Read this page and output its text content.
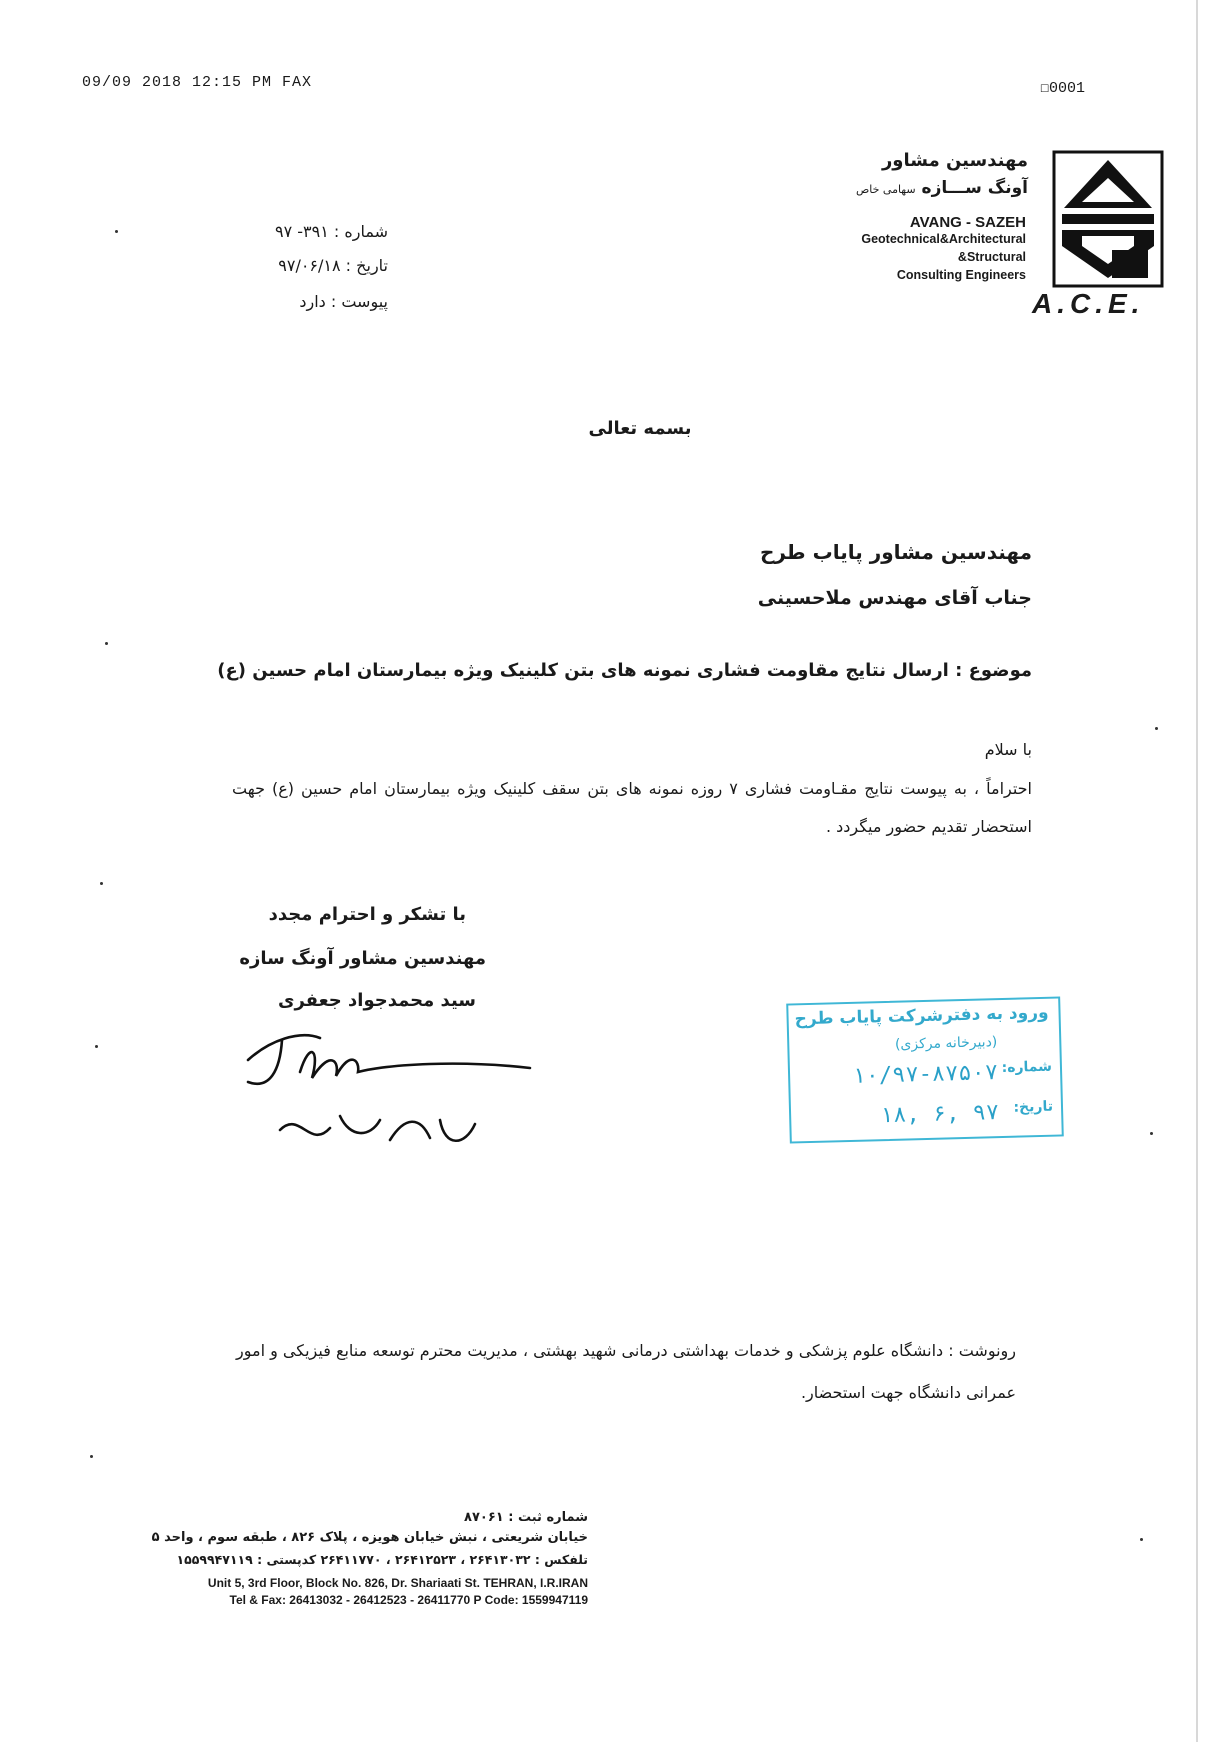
09/09 2018 12:15 PM FAX	☐0001
مهندسین مشاور
آونگ ســـازه سهامی خاص
AVANG - SAZEH
Geotechnical&Architectural
&Structural
Consulting Engineers
A.C.E.
شماره : ۳۹۱- ۹۷
تاریخ : ۹۷/۰۶/۱۸
پیوست : دارد
بسمه تعالی
مهندسین مشاور پایاب طرح
جناب آقای مهندس ملاحسینی
موضوع : ارسال نتایج مقاومت فشاری نمونه های بتن کلینیک ویژه بیمارستان امام حسین (ع)
با سلام
احتراماً ، به پیوست نتایج مقـاومت فشاری ۷ روزه نمونه های بتن سقف کلینیک ویژه بیمارستان امام حسین (ع) جهت استحضار تقدیم حضور میگردد .
با تشکر و احترام مجدد
مهندسین مشاور آونگ سازه
سید محمدجواد جعفری
ورود به دفترشرکت پایاب طرح
(دبیرخانه مرکزی)
شماره:
۱۰/۹۷-۸۷۵۰۷
تاریخ:
۹۷ ,۶ ,۱۸
رونوشت : دانشگاه علوم پزشکی و خدمات بهداشتی درمانی شهید بهشتی ، مدیریت محترم توسعه منابع فیزیکی و امور عمرانی دانشگاه جهت استحضار.
شماره ثبت : ۸۷۰۶۱
خیابان شریعتی ، نبش خیابان هویزه ، پلاک ۸۲۶ ، طبقه سوم ، واحد ۵
تلفکس : ۲۶۴۱۳۰۳۲ ، ۲۶۴۱۲۵۲۳ ، ۲۶۴۱۱۷۷۰ کدپستی : ۱۵۵۹۹۴۷۱۱۹
Unit 5, 3rd Floor, Block No. 826, Dr. Shariaati St. TEHRAN, I.R.IRAN
Tel & Fax: 26413032 - 26412523 - 26411770 P Code: 1559947119
